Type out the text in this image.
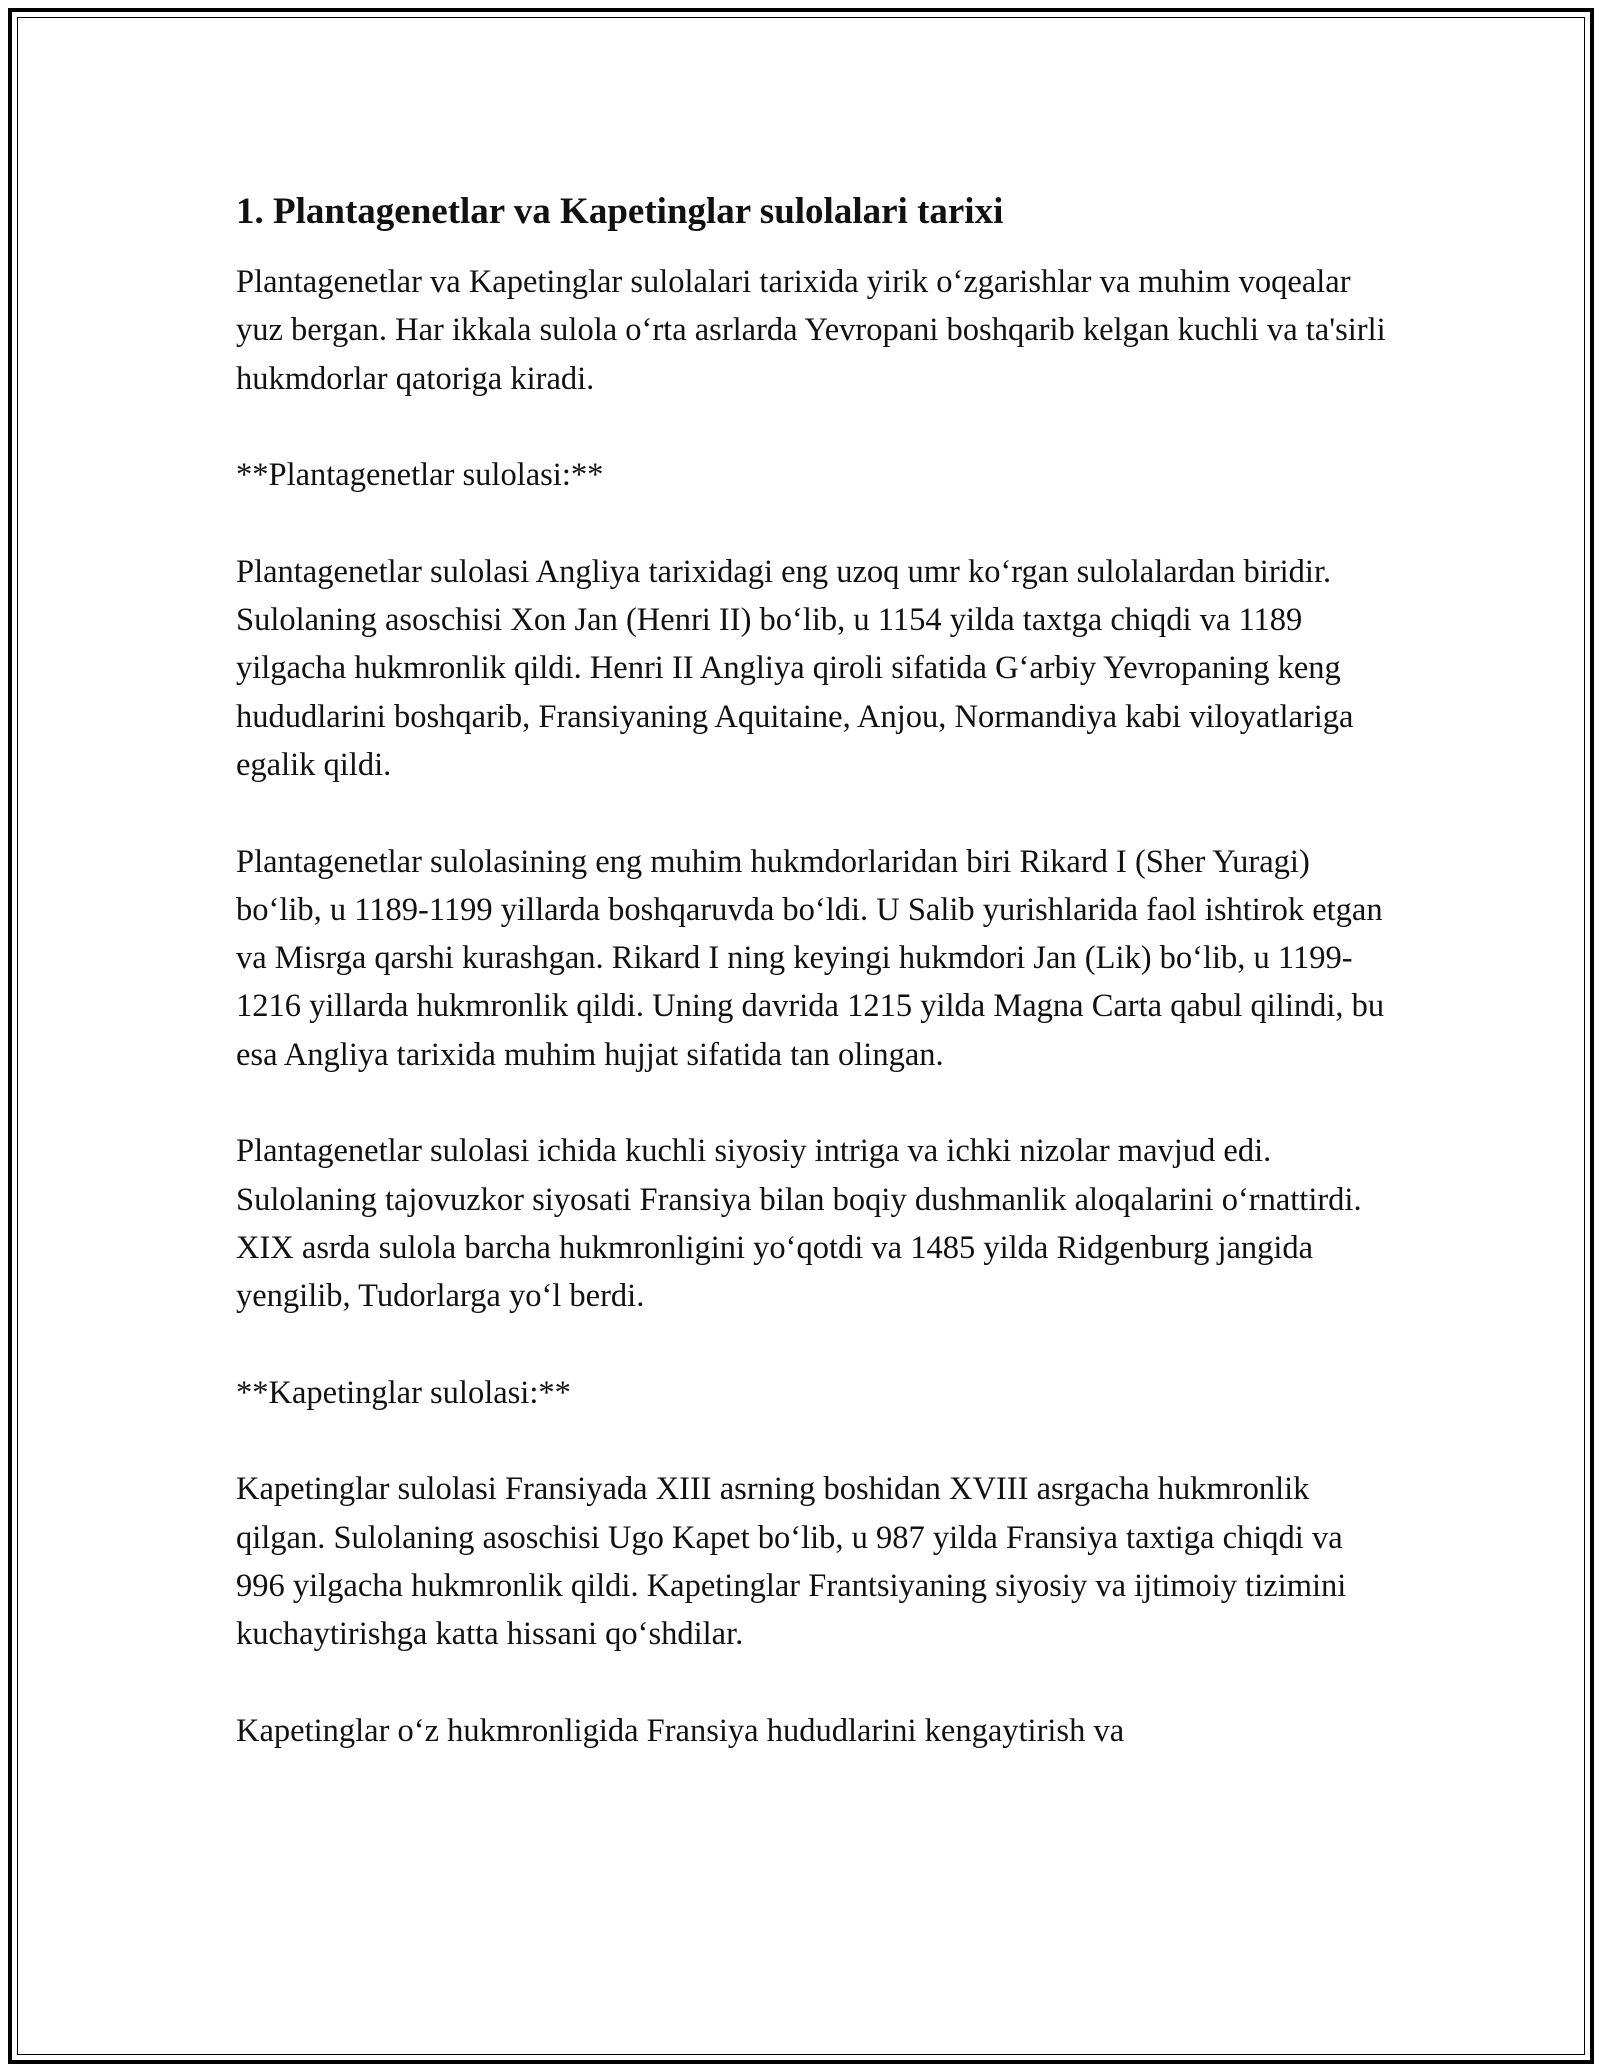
1. Plantagenetlar va Kapetinglar sulolalari tarixi

Plantagenetlar va Kapetinglar sulolalari tarixida yirik oʻzgarishlar va muhim voqealar yuz bergan. Har ikkala sulola oʻrta asrlarda Yevropani boshqarib kelgan kuchli va ta'sirli hukmdorlar qatoriga kiradi.

**Plantagenetlar sulolasi:**

Plantagenetlar sulolasi Angliya tarixidagi eng uzoq umr koʻrgan sulolalardan biridir. Sulolaning asoschisi Xon Jan (Henri II) boʻlib, u 1154 yilda taxtga chiqdi va 1189 yilgacha hukmronlik qildi. Henri II Angliya qiroli sifatida Gʻarbiy Yevropaning keng hududlarini boshqarib, Fransiyaning Aquitaine, Anjou, Normandiya kabi viloyatlariga egalik qildi.

Plantagenetlar sulolasining eng muhim hukmdorlaridan biri Rikard I (Sher Yuragi) boʻlib, u 1189-1199 yillarda boshqaruvda boʻldi. U Salib yurishlarida faol ishtirok etgan va Misrga qarshi kurashgan. Rikard I ning keyingi hukmdori Jan (Lik) boʻlib, u 1199-1216 yillarda hukmronlik qildi. Uning davrida 1215 yilda Magna Carta qabul qilindi, bu esa Angliya tarixida muhim hujjat sifatida tan olingan.

Plantagenetlar sulolasi ichida kuchli siyosiy intriga va ichki nizolar mavjud edi. Sulolaning tajovuzkor siyosati Fransiya bilan boqiy dushmanlik aloqalarini oʻrnattirdi. XIX asrda sulola barcha hukmronligini yoʻqotdi va 1485 yilda Ridgenburg jangida yengilib, Tudorlarga yoʻl berdi.

**Kapetinglar sulolasi:**

Kapetinglar sulolasi Fransiyada XIII asrning boshidan XVIII asrgacha hukmronlik qilgan. Sulolaning asoschisi Ugo Kapet boʻlib, u 987 yilda Fransiya taxtiga chiqdi va 996 yilgacha hukmronlik qildi. Kapetinglar Frantsiyaning siyosiy va ijtimoiy tizimini kuchaytirishga katta hissani qoʻshdilar.

Kapetinglar oʻz hukmronligida Fransiya hududlarini kengaytirish va
